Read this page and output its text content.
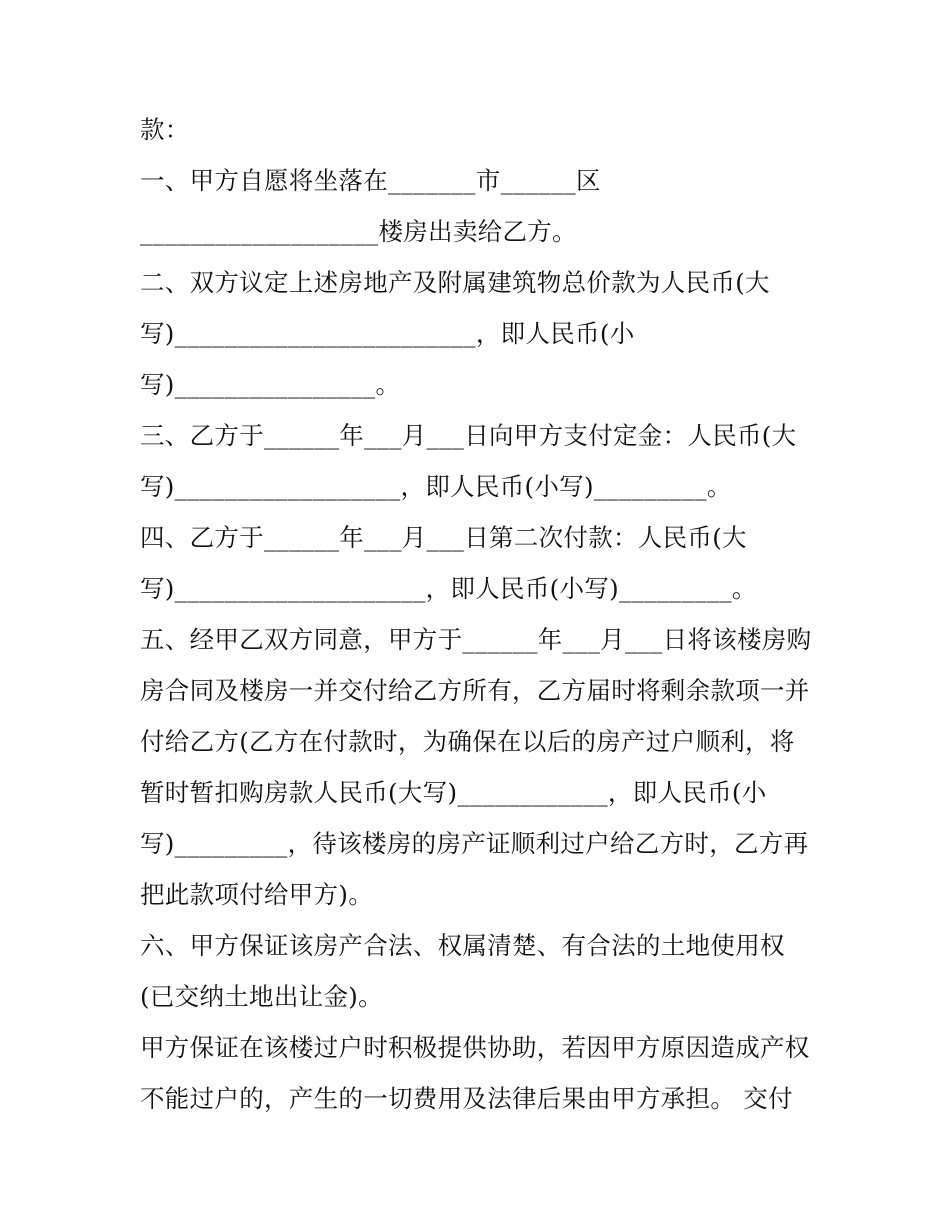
款：
一、甲方自愿将坐落在_______市______区
___________________楼房出卖给乙方。
二、双方议定上述房地产及附属建筑物总价款为人民币(大
写)________________________，即人民币(小
写)________________。
三、乙方于______年___月___日向甲方支付定金：人民币(大
写)__________________，即人民币(小写)_________。
四、乙方于______年___月___日第二次付款：人民币(大
写)____________________，即人民币(小写)_________。
五、经甲乙双方同意，甲方于______年___月___日将该楼房购
房合同及楼房一并交付给乙方所有，乙方届时将剩余款项一并
付给乙方(乙方在付款时，为确保在以后的房产过户顺利，将
暂时暂扣购房款人民币(大写)____________，即人民币(小
写)_________，待该楼房的房产证顺利过户给乙方时，乙方再
把此款项付给甲方)。
六、甲方保证该房产合法、权属清楚、有合法的土地使用权
(已交纳土地出让金)。
甲方保证在该楼过户时积极提供协助，若因甲方原因造成产权
不能过户的，产生的一切费用及法律后果由甲方承担。 交付
